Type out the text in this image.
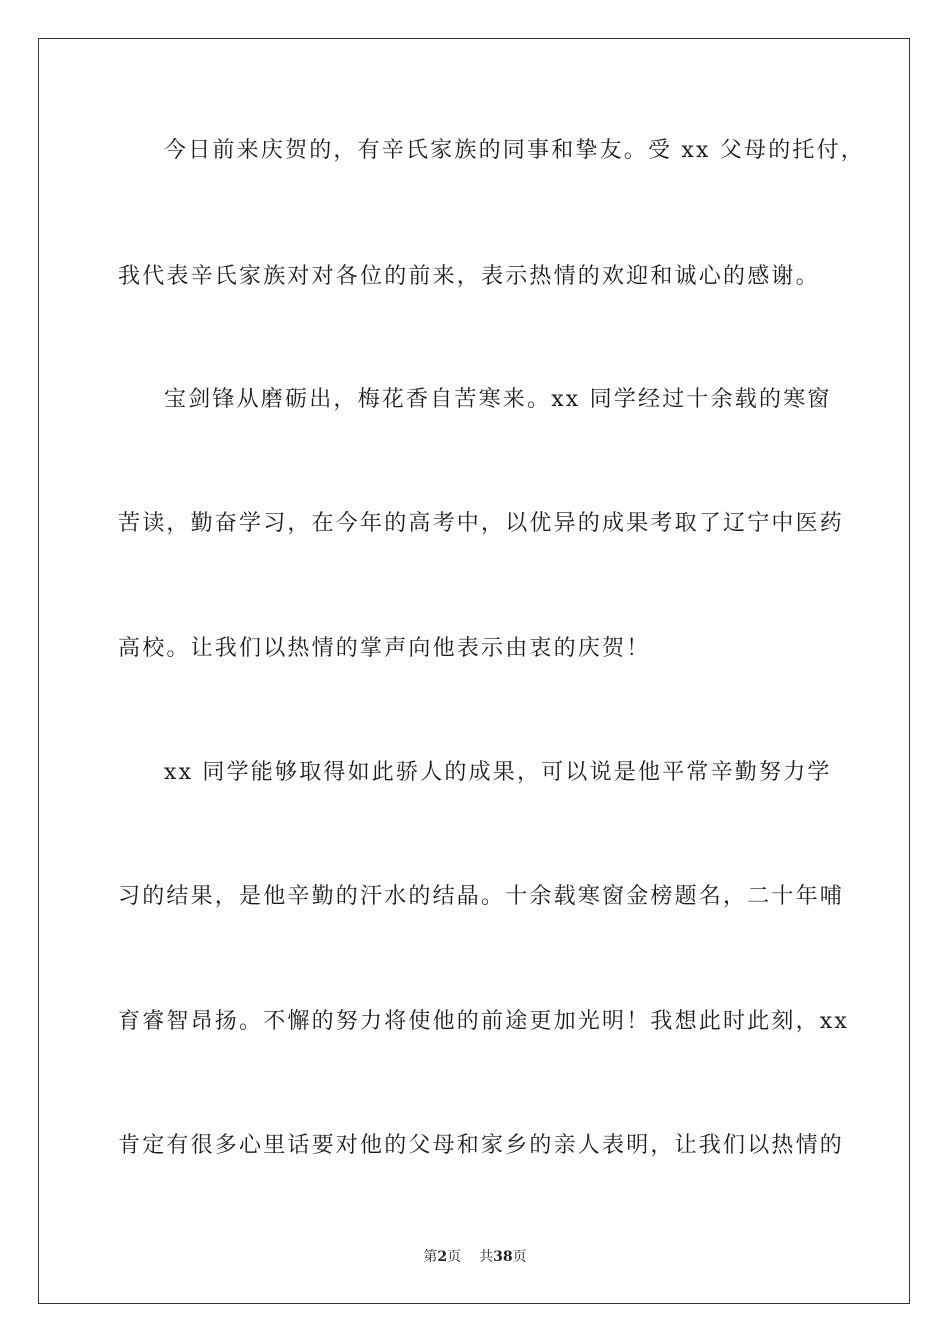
今日前来庆贺的，有辛氏家族的同事和挚友。受 xx 父母的托付，
我代表辛氏家族对对各位的前来，表示热情的欢迎和诚心的感谢。
宝剑锋从磨砺出，梅花香自苦寒来。xx 同学经过十余载的寒窗
苦读，勤奋学习，在今年的高考中，以优异的成果考取了辽宁中医药
高校。让我们以热情的掌声向他表示由衷的庆贺！
xx 同学能够取得如此骄人的成果，可以说是他平常辛勤努力学
习的结果，是他辛勤的汗水的结晶。十余载寒窗金榜题名，二十年哺
育睿智昂扬。不懈的努力将使他的前途更加光明！我想此时此刻，xx
肯定有很多心里话要对他的父母和家乡的亲人表明，让我们以热情的
第2页 共38页
